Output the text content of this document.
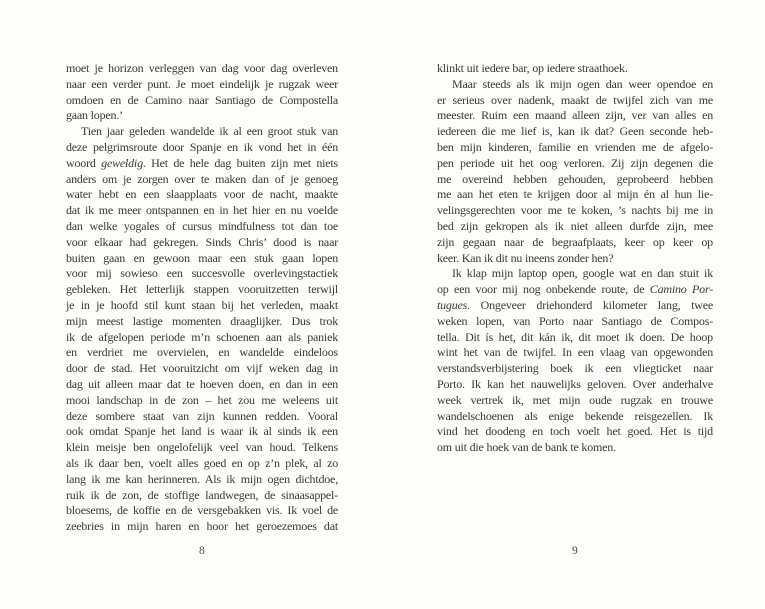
moet je horizon verleggen van dag voor dag overleven
naar een verder punt. Je moet eindelijk je rugzak weer
omdoen en de Camino naar Santiago de Compostella
gaan lopen.’
Tien jaar geleden wandelde ik al een groot stuk van
deze pelgrimsroute door Spanje en ik vond het in één
woord geweldig. Het de hele dag buiten zijn met niets
anders om je zorgen over te maken dan of je genoeg
water hebt en een slaapplaats voor de nacht, maakte
dat ik me meer ontspannen en in het hier en nu voelde
dan welke yogales of cursus mindfulness tot dan toe
voor elkaar had gekregen. Sinds Chris’ dood is naar
buiten gaan en gewoon maar een stuk gaan lopen
voor mij sowieso een succesvolle overlevingstactiek
gebleken. Het letterlijk stappen vooruitzetten terwijl
je in je hoofd stil kunt staan bij het verleden, maakt
mijn meest lastige momenten draaglijker. Dus trok
ik de afgelopen periode m’n schoenen aan als paniek
en verdriet me overvielen, en wandelde eindeloos
door de stad. Het vooruitzicht om vijf weken dag in
dag uit alleen maar dat te hoeven doen, en dan in een
mooi landschap in de zon – het zou me weleens uit
deze sombere staat van zijn kunnen redden. Vooral
ook omdat Spanje het land is waar ik al sinds ik een
klein meisje ben ongelofelijk veel van houd. Telkens
als ik daar ben, voelt alles goed en op z’n plek, al zo
lang ik me kan herinneren. Als ik mijn ogen dichtdoe,
ruik ik de zon, de stoffige landwegen, de sinaasappel-
bloesems, de koffie en de versgebakken vis. Ik voel de
zeebries in mijn haren en hoor het geroezemoes dat
8
klinkt uit iedere bar, op iedere straathoek.
Maar steeds als ik mijn ogen dan weer opendoe en
er serieus over nadenk, maakt de twijfel zich van me
meester. Ruim een maand alleen zijn, ver van alles en
iedereen die me lief is, kan ik dat? Geen seconde heb-
ben mijn kinderen, familie en vrienden me de afgelo-
pen periode uit het oog verloren. Zij zijn degenen die
me overeind hebben gehouden, geprobeerd hebben
me aan het eten te krijgen door al mijn én al hun lie-
velingsgerechten voor me te koken, ’s nachts bij me in
bed zijn gekropen als ik niet alleen durfde zijn, mee
zijn gegaan naar de begraafplaats, keer op keer op
keer. Kan ik dit nu ineens zonder hen?
Ik klap mijn laptop open, google wat en dan stuit ik
op een voor mij nog onbekende route, de Camino Por-
tugues. Ongeveer driehonderd kilometer lang, twee
weken lopen, van Porto naar Santiago de Compos-
tella. Dit ís het, dit kán ik, dit moet ik doen. De hoop
wint het van de twijfel. In een vlaag van opgewonden
verstandsverbijstering boek ik een vliegticket naar
Porto. Ik kan het nauwelijks geloven. Over anderhalve
week vertrek ik, met mijn oude rugzak en trouwe
wandelschoenen als enige bekende reisgezellen. Ik
vind het doodeng en toch voelt het goed. Het is tijd
om uit die hoek van de bank te komen.
9
